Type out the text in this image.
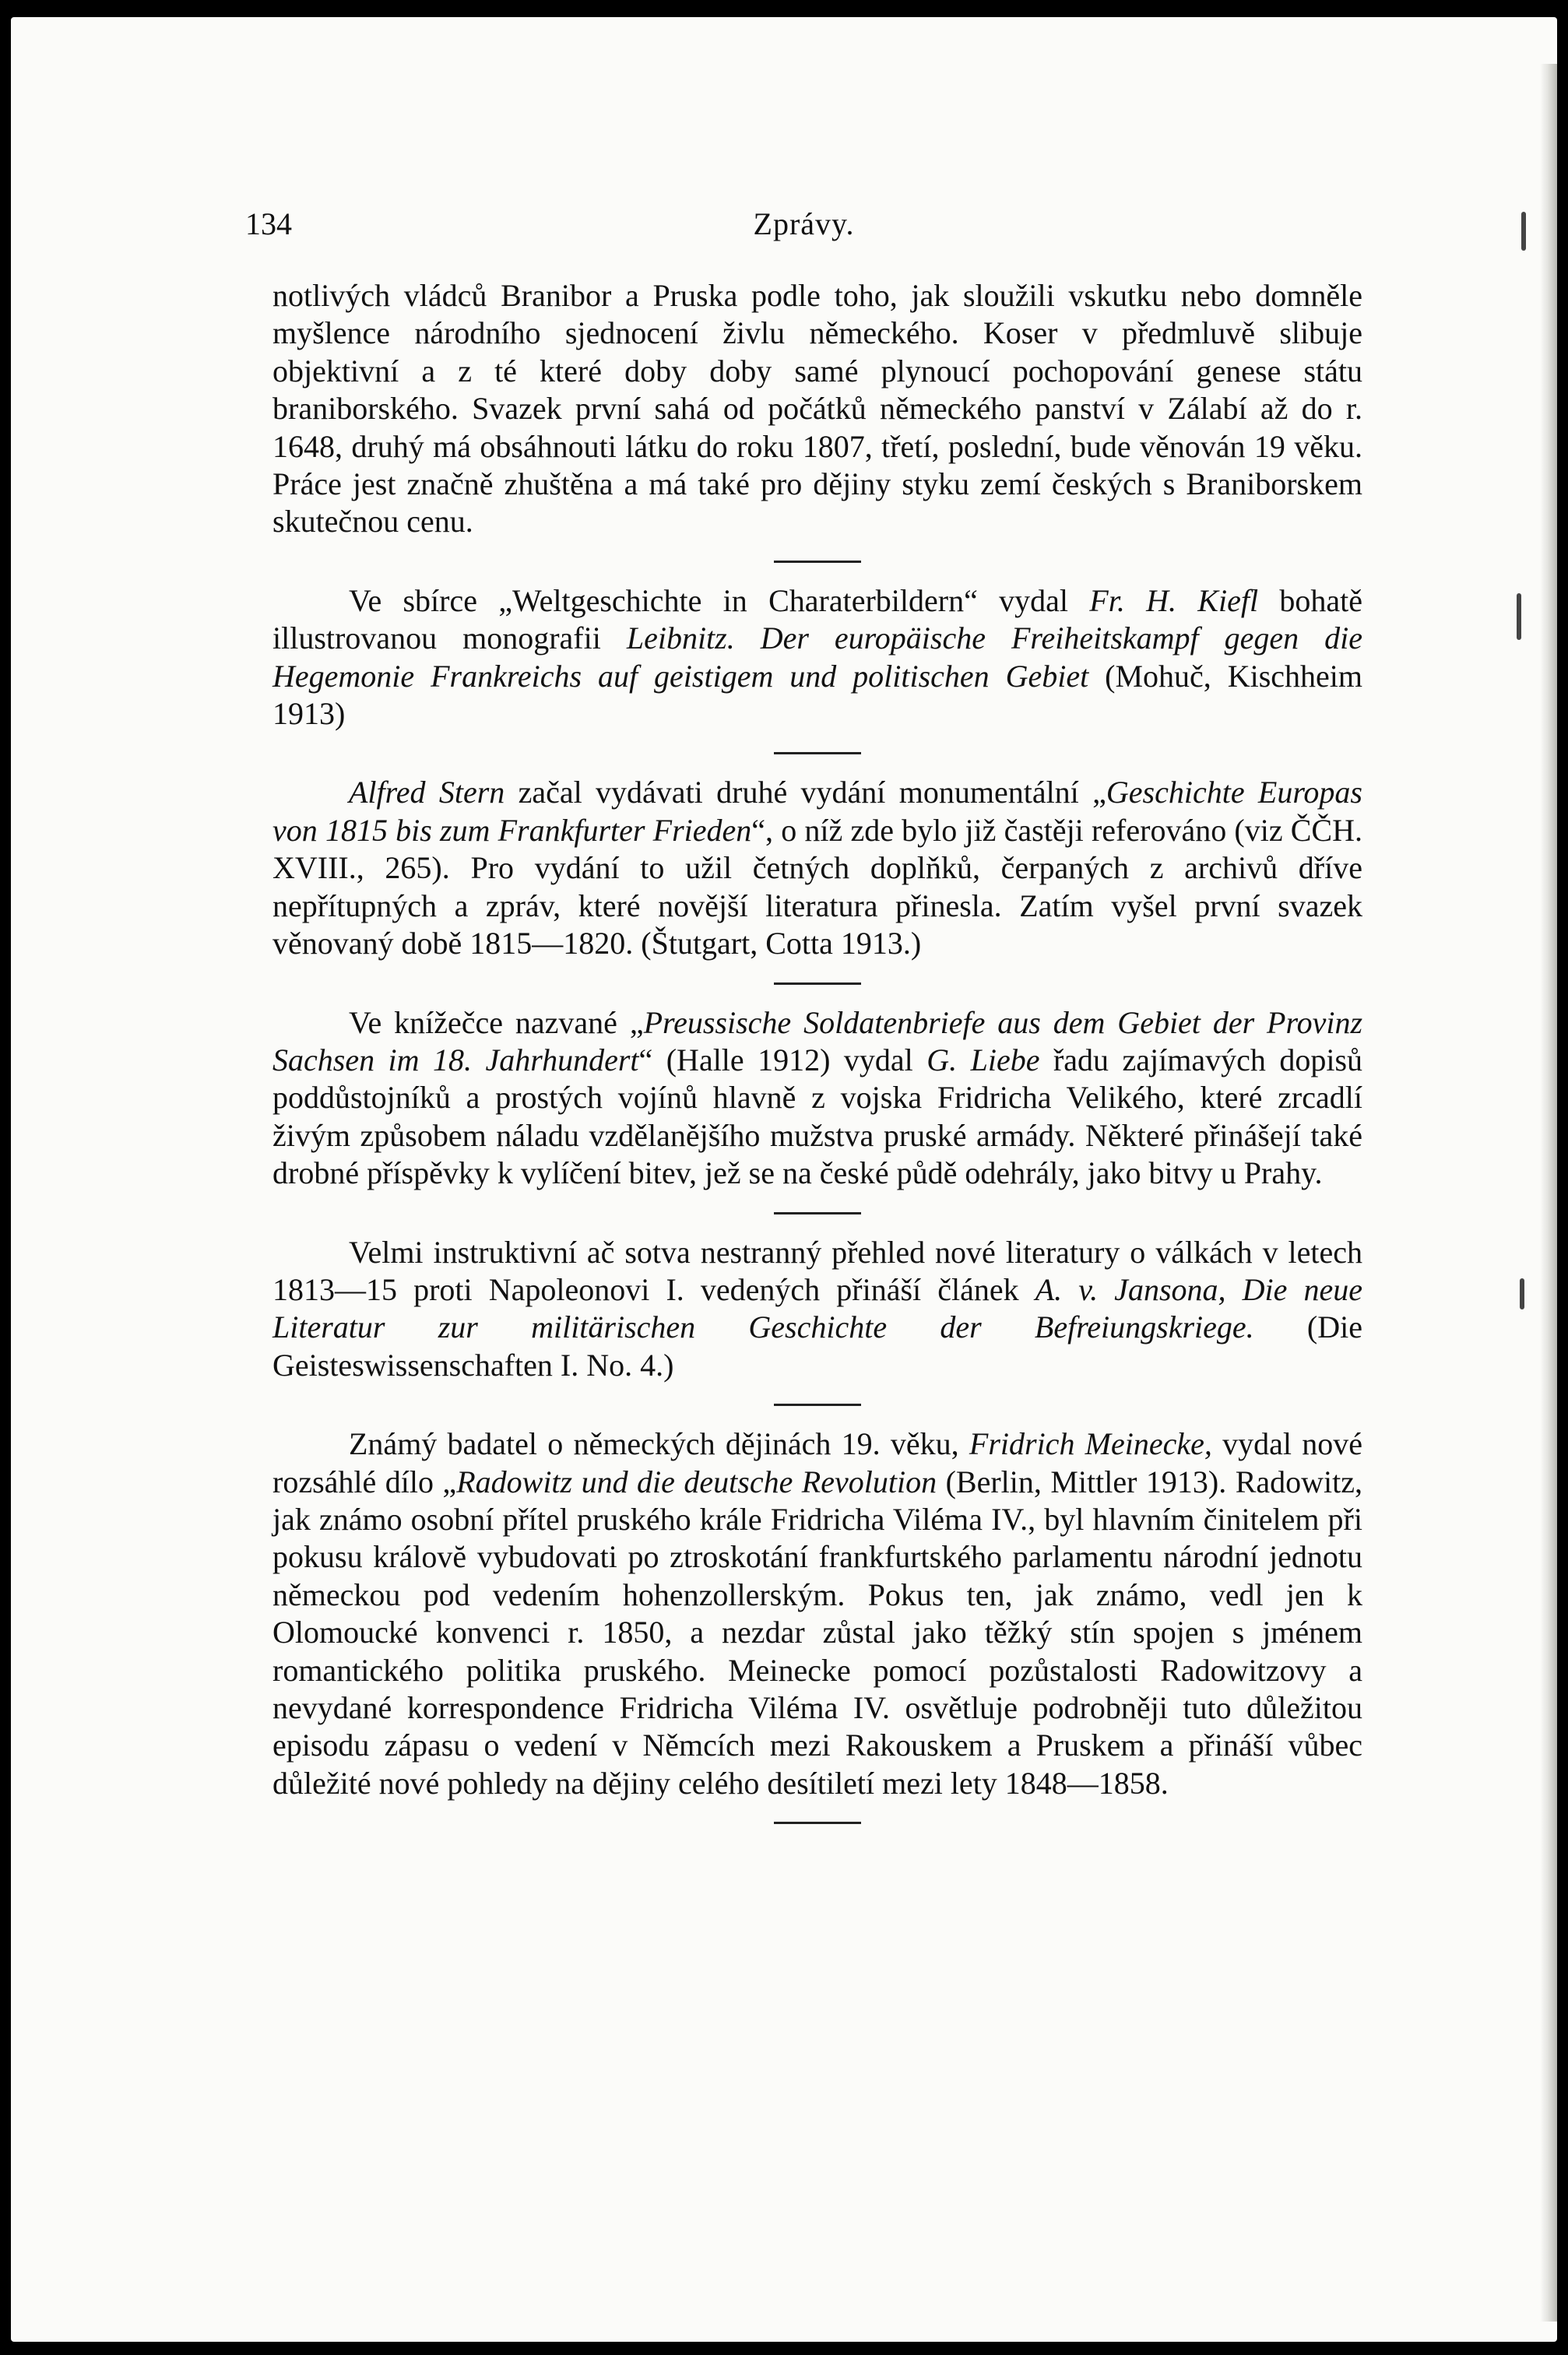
134	Zprávy.

notlivých vládců Branibor a Pruska podle toho, jak sloužili vskutku nebo domněle myšlence národního sjednocení živlu německého. Koser v předmluvě slibuje objektivní a z té které doby doby samé plynoucí pochopování genese státu braniborského. Svazek první sahá od počátků německého panství v Zálabí až do r. 1648, druhý má obsáhnouti látku do roku 1807, třetí, poslední, bude věnován 19 věku. Práce jest značně zhuštěna a má také pro dějiny styku zemí českých s Braniborskem skutečnou cenu.

Ve sbírce „Weltgeschichte in Charaterbildern“ vydal Fr. H. Kiefl bohatě illustrovanou monografii Leibnitz. Der europäische Freiheitskampf gegen die Hegemonie Frankreichs auf geistigem und politischen Gebiet (Mohuč, Kischheim 1913)

Alfred Stern začal vydávati druhé vydání monumentální „Geschichte Europas von 1815 bis zum Frankfurter Frieden“, o níž zde bylo již častěji referováno (viz ČČH. XVIII., 265). Pro vydání to užil četných doplňků, čerpaných z archivů dříve nepřítupných a zpráv, které novější literatura přinesla. Zatím vyšel první svazek věnovaný době 1815—1820. (Štutgart, Cotta 1913.)

Ve knížečce nazvané „Preussische Soldatenbriefe aus dem Gebiet der Provinz Sachsen im 18. Jahrhundert“ (Halle 1912) vydal G. Liebe řadu zajímavých dopisů poddůstojníků a prostých vojínů hlavně z vojska Fridricha Velikého, které zrcadlí živým způsobem náladu vzdělanějšího mužstva pruské armády. Některé přinášejí také drobné příspěvky k vylíčení bitev, jež se na české půdě odehrály, jako bitvy u Prahy.

Velmi instruktivní ač sotva nestranný přehled nové literatury o válkách v letech 1813—15 proti Napoleonovi I. vedených přináší článek A. v. Jansona, Die neue Literatur zur militärischen Geschichte der Befreiungskriege. (Die Geisteswissenschaften I. No. 4.)

Známý badatel o německých dějinách 19. věku, Fridrich Meinecke, vydal nové rozsáhlé dílo „Radowitz und die deutsche Revolution (Berlin, Mittler 1913). Radowitz, jak známo osobní přítel pruského krále Fridricha Viléma IV., byl hlavním činitelem při pokusu královĕ vybudovati po ztroskotání frankfurtského parlamentu národní jednotu německou pod vedením hohenzollerským. Pokus ten, jak známo, vedl jen k Olomoucké konvenci r. 1850, a nezdar zůstal jako těžký stín spojen s jménem romantického politika pruského. Meinecke pomocí pozůstalosti Radowitzovy a nevydané korrespondence Fridricha Viléma IV. osvětluje podrobněji tuto důležitou episodu zápasu o vedení v Němcích mezi Rakouskem a Pruskem a přináší vůbec důležité nové pohledy na dějiny celého desítiletí mezi lety 1848—1858.
